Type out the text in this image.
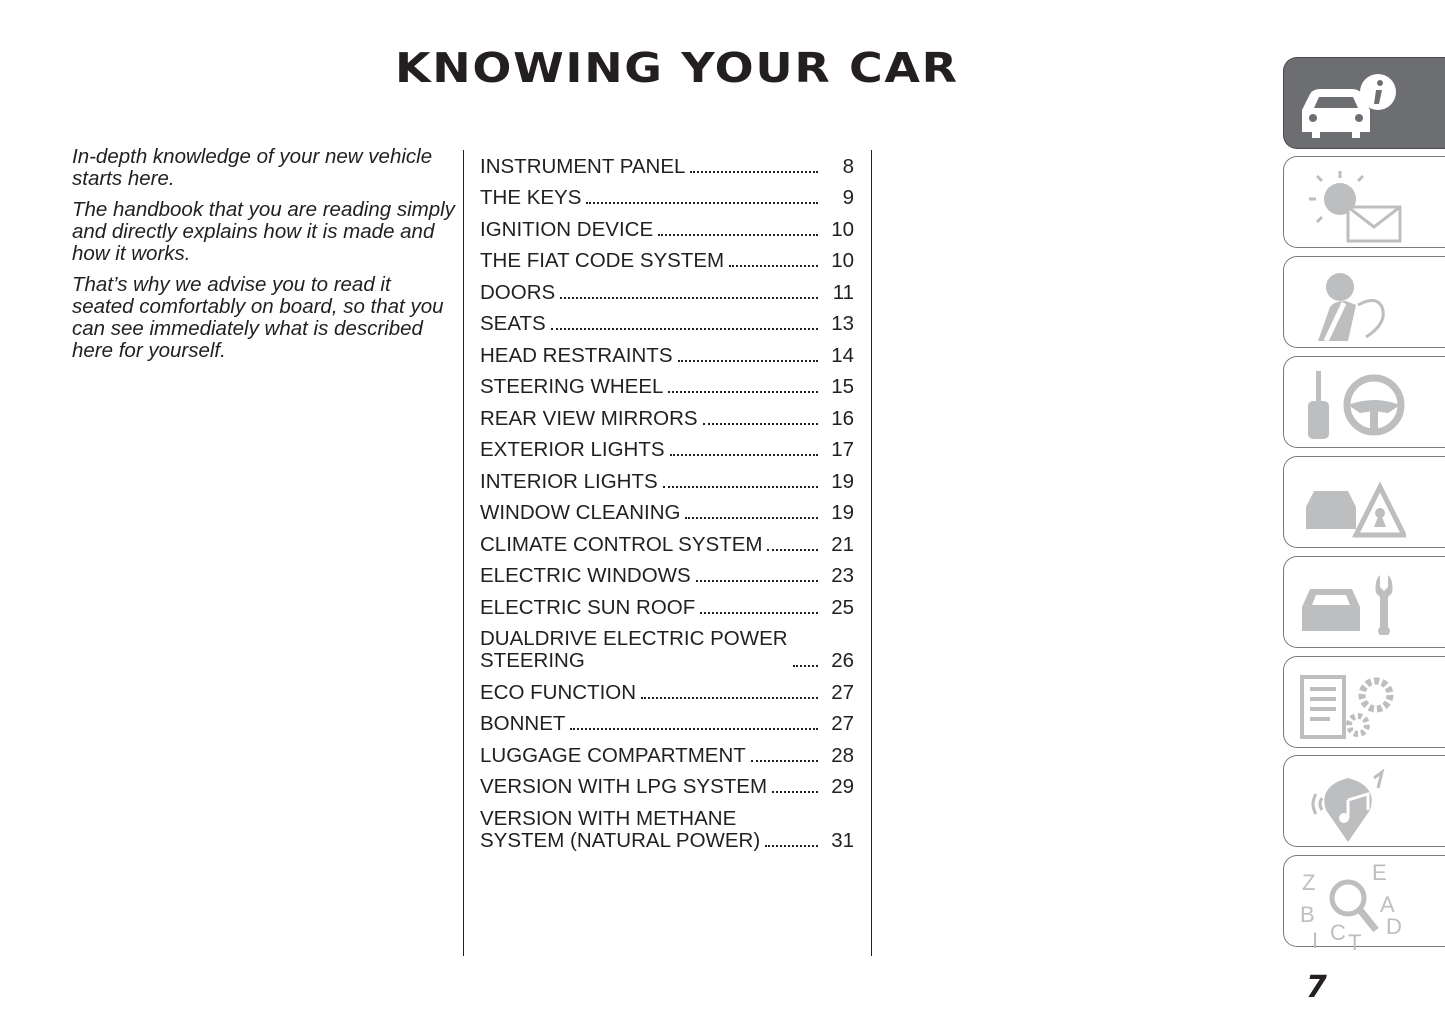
KNOWING YOUR CAR

In-depth knowledge of your new vehicle starts here.

The handbook that you are reading simply and directly explains how it is made and how it works.

That’s why we advise you to read it seated comfortably on board, so that you can see immediately what is described here for yourself.

INSTRUMENT PANEL	8
THE KEYS	9
IGNITION DEVICE	10
THE FIAT CODE SYSTEM	10
DOORS	11
SEATS	13
HEAD RESTRAINTS	14
STEERING WHEEL	15
REAR VIEW MIRRORS	16
EXTERIOR LIGHTS	17
INTERIOR LIGHTS	19
WINDOW CLEANING	19
CLIMATE CONTROL SYSTEM	21
ELECTRIC WINDOWS	23
ELECTRIC SUN ROOF	25
DUALDRIVE ELECTRIC POWER
STEERING	26
ECO FUNCTION	27
BONNET	27
LUGGAGE COMPARTMENT	28
VERSION WITH LPG SYSTEM	29
VERSION WITH METHANE
SYSTEM (NATURAL POWER)	31
Z	E
A
B	D
I C T
7
